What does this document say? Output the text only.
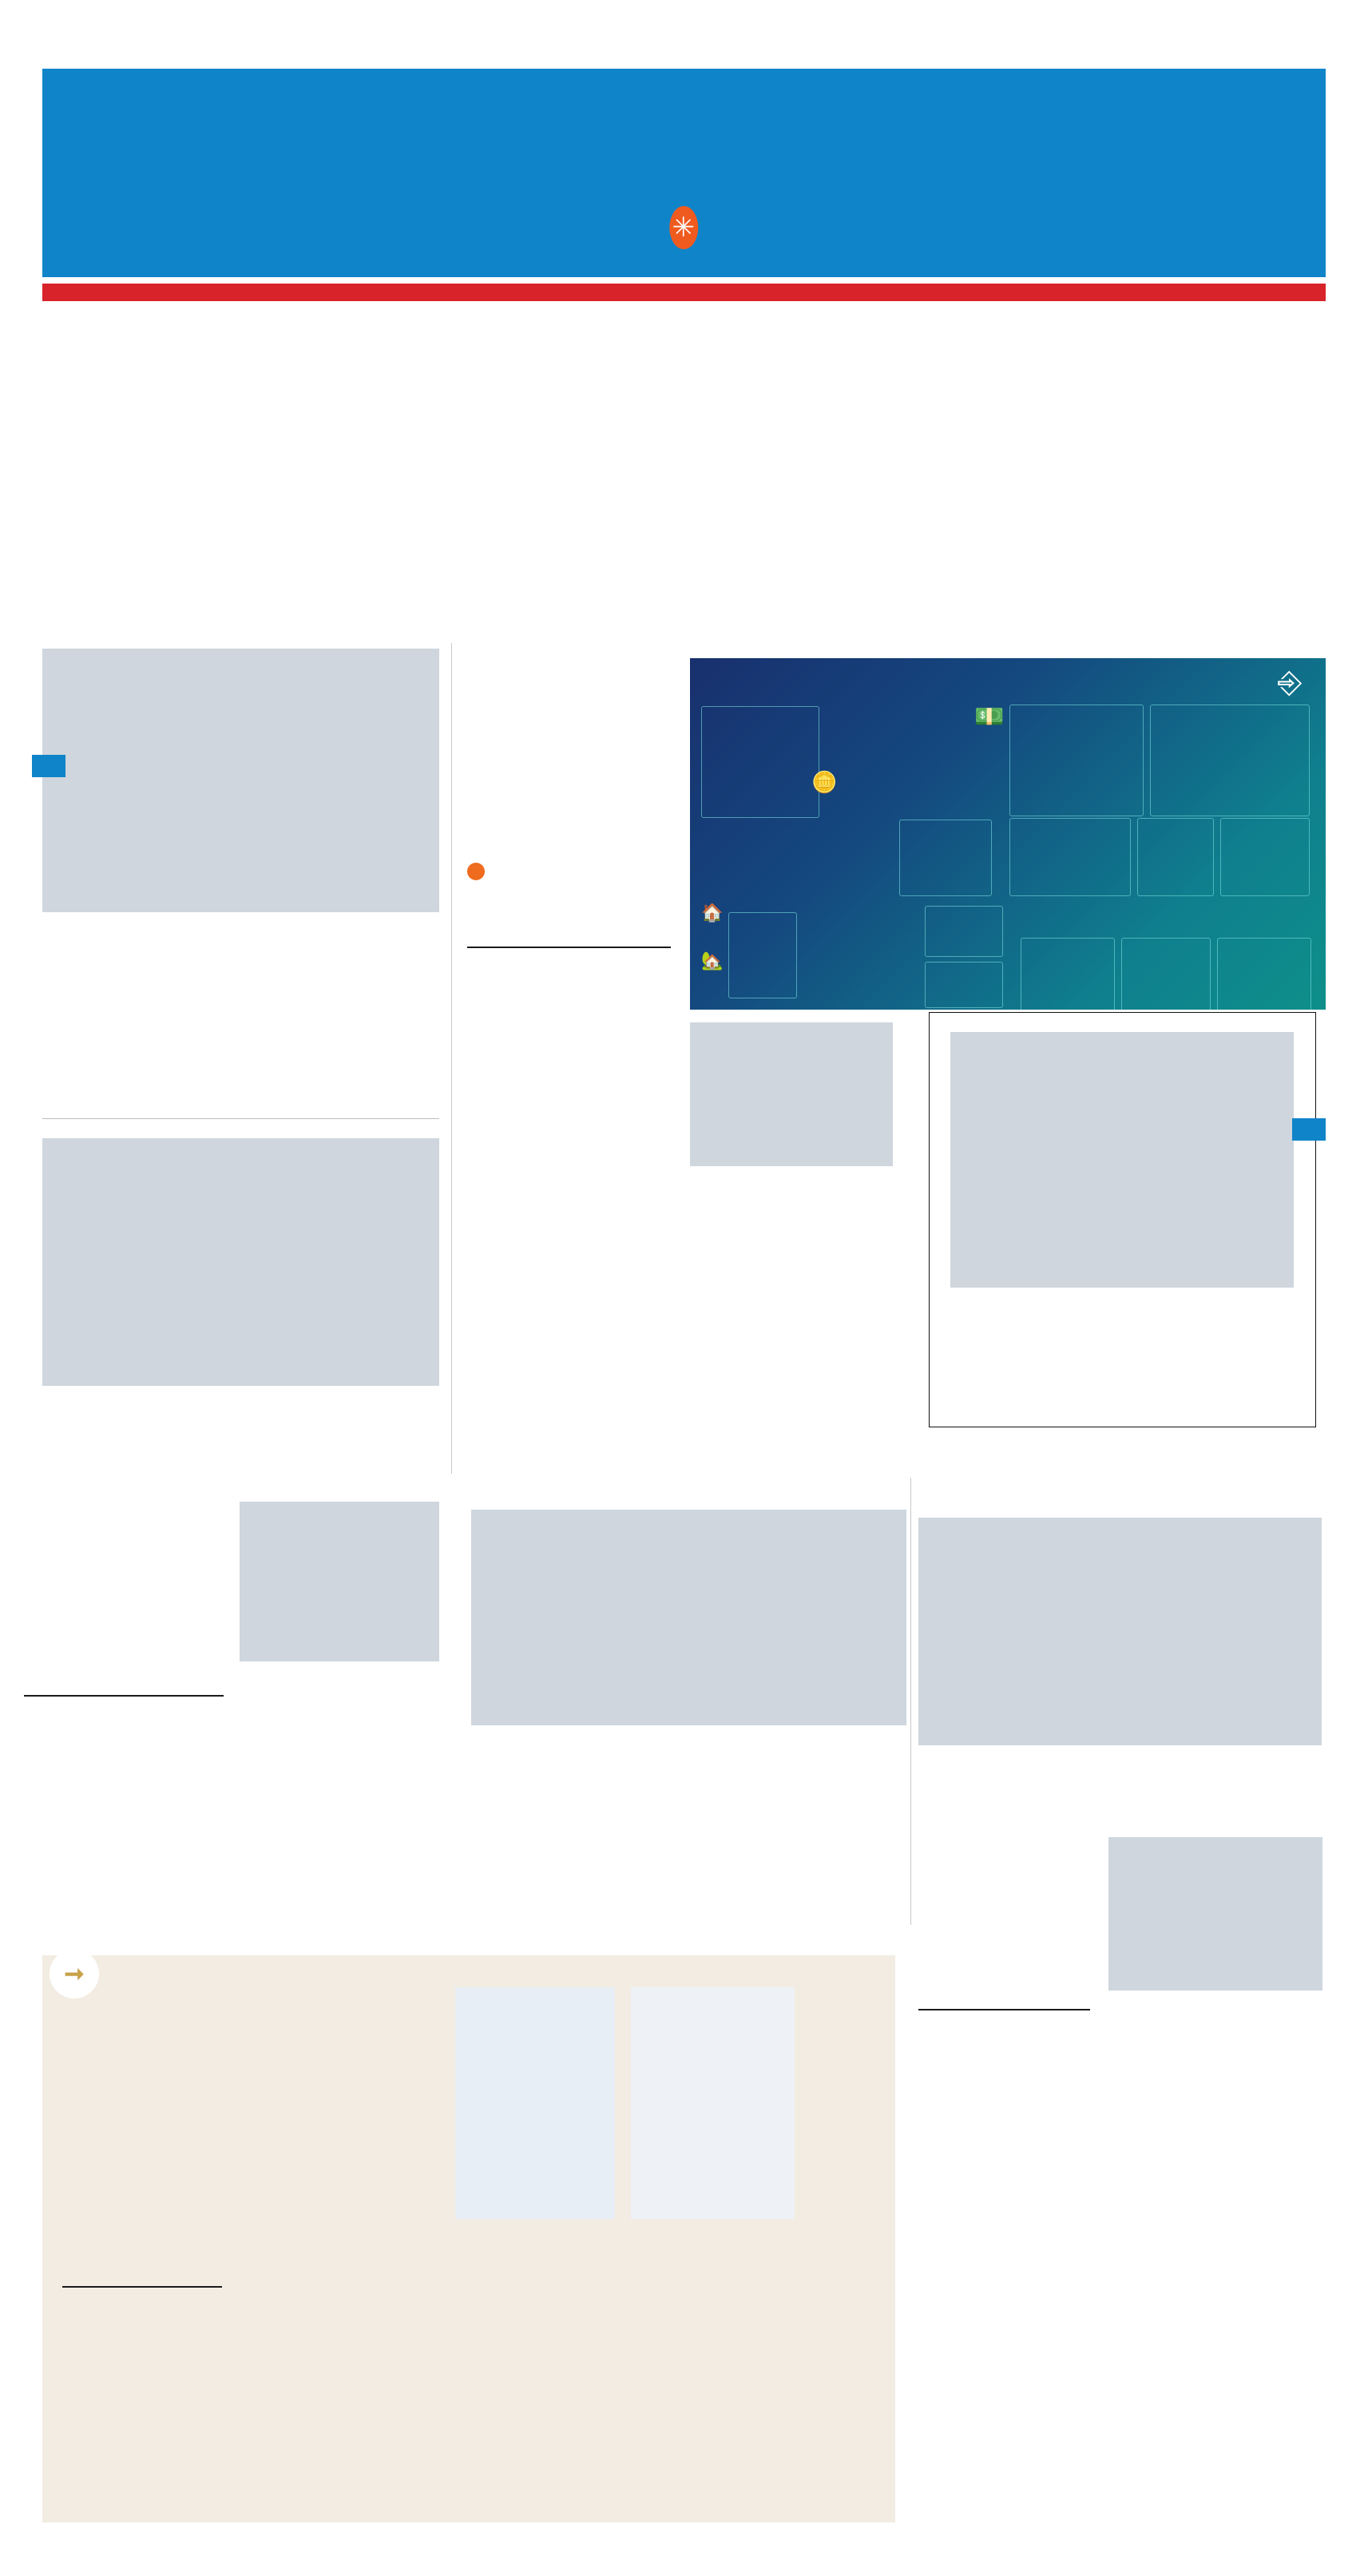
✳

⎆
💵
🪙
🏠
🏡

➞
